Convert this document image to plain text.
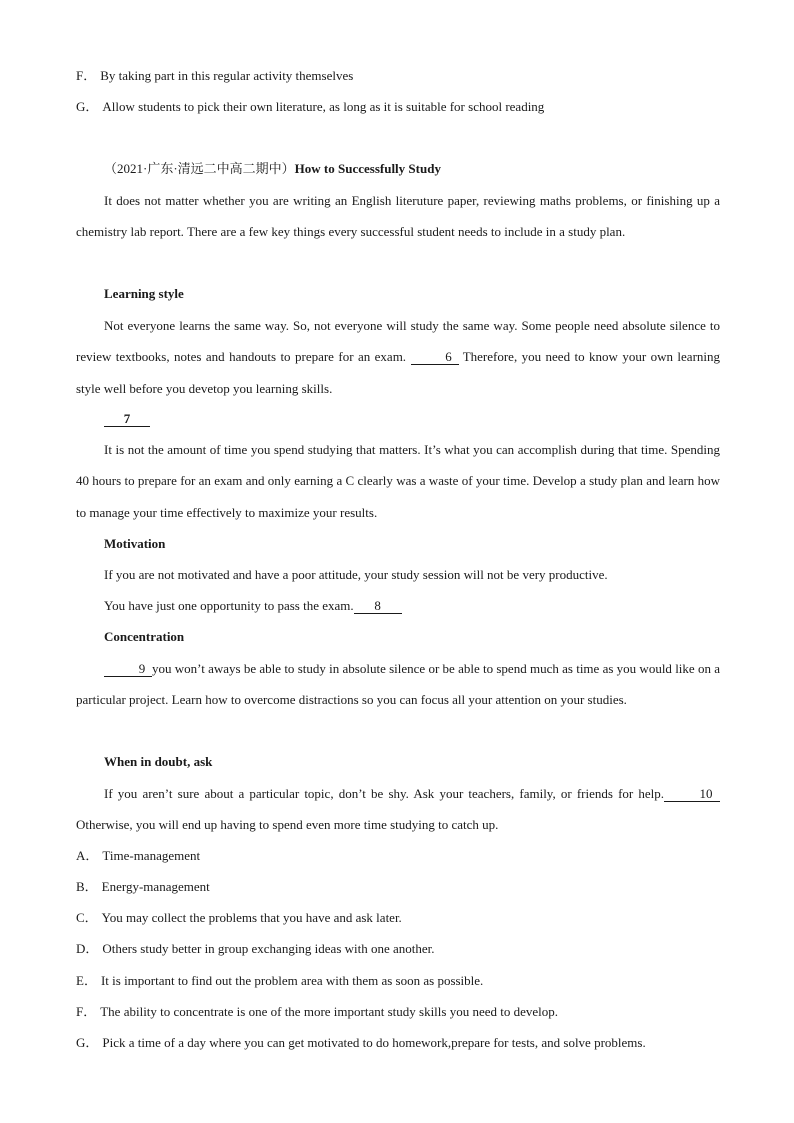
F． By taking part in this regular activity themselves
G． Allow students to pick their own literature, as long as it is suitable for school reading
（2021·广东·清远二中高二期中）How to Successfully Study
It does not matter whether you are writing an English literuture paper, reviewing maths problems, or finishing up a chemistry lab report. There are a few key things every successful student needs to include in a study plan.
Learning style
Not everyone learns the same way. So, not everyone will study the same way. Some people need absolute silence to review textbooks, notes and handouts to prepare for an exam.	6 Therefore, you need to know your own learning style well before you devetop you learning skills.
7
It is not the amount of time you spend studying that matters. It’s what you can accomplish during that time. Spending 40 hours to prepare for an exam and only earning a C clearly was a waste of your time. Develop a study plan and learn how to manage your time effectively to maximize your results.
Motivation
If you are not motivated and have a poor attitude, your study session will not be very productive.
You have just one opportunity to pass the exam. 8
Concentration
9 you won’t aways be able to study in absolute silence or be able to spend much as time as you would like on a particular project. Learn how to overcome distractions so you can focus all your attention on your studies.
When in doubt, ask
If you aren’t sure about a particular topic, don’t be shy. Ask your teachers, family, or friends for help.	10Otherwise, you will end up having to spend even more time studying to catch up.
A． Time-management
B． Energy-management
C． You may collect the problems that you have and ask later.
D． Others study better in group exchanging ideas with one another.
E． It is important to find out the problem area with them as soon as possible.
F． The ability to concentrate is one of the more important study skills you need to develop.
G． Pick a time of a day where you can get motivated to do homework,prepare for tests, and solve problems.
